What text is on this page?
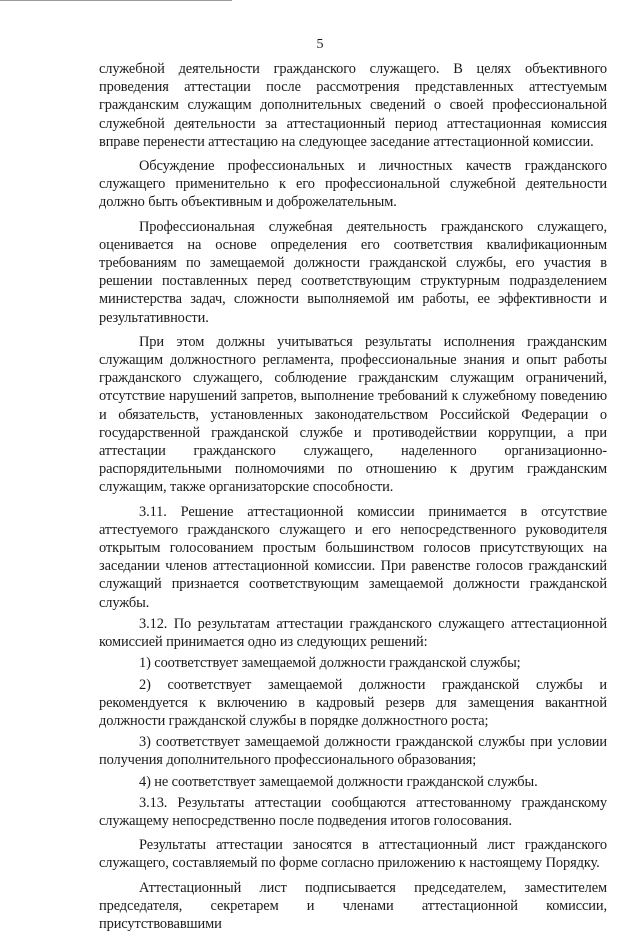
5

служебной деятельности гражданского служащего. В целях объективного проведения аттестации после рассмотрения представленных аттестуемым гражданским служащим дополнительных сведений о своей профессиональной служебной деятельности за аттестационный период аттестационная комиссия вправе перенести аттестацию на следующее заседание аттестационной комиссии.

Обсуждение профессиональных и личностных качеств гражданского служащего применительно к его профессиональной служебной деятельности должно быть объективным и доброжелательным.

Профессиональная служебная деятельность гражданского служащего, оценивается на основе определения его соответствия квалификационным требованиям по замещаемой должности гражданской службы, его участия в решении поставленных перед соответствующим структурным подразделением министерства задач, сложности выполняемой им работы, ее эффективности и результативности.

При этом должны учитываться результаты исполнения гражданским служащим должностного регламента, профессиональные знания и опыт работы гражданского служащего, соблюдение гражданским служащим ограничений, отсутствие нарушений запретов, выполнение требований к служебному поведению и обязательств, установленных законодательством Российской Федерации о государственной гражданской службе и противодействии коррупции, а при аттестации гражданского служащего, наделенного организационно-распорядительными полномочиями по отношению к другим гражданским служащим, также организаторские способности.

3.11. Решение аттестационной комиссии принимается в отсутствие аттестуемого гражданского служащего и его непосредственного руководителя открытым голосованием простым большинством голосов присутствующих на заседании членов аттестационной комиссии. При равенстве голосов гражданский служащий признается соответствующим замещаемой должности гражданской службы.

3.12. По результатам аттестации гражданского служащего аттестационной комиссией принимается одно из следующих решений:

1) соответствует замещаемой должности гражданской службы;

2) соответствует замещаемой должности гражданской службы и рекомендуется к включению в кадровый резерв для замещения вакантной должности гражданской службы в порядке должностного роста;

3) соответствует замещаемой должности гражданской службы при условии получения дополнительного профессионального образования;

4) не соответствует замещаемой должности гражданской службы.

3.13. Результаты аттестации сообщаются аттестованному гражданскому служащему непосредственно после подведения итогов голосования.

Результаты аттестации заносятся в аттестационный лист гражданского служащего, составляемый по форме согласно приложению к настоящему Порядку.

Аттестационный лист подписывается председателем, заместителем председателя, секретарем и членами аттестационной комиссии, присутствовавшими
